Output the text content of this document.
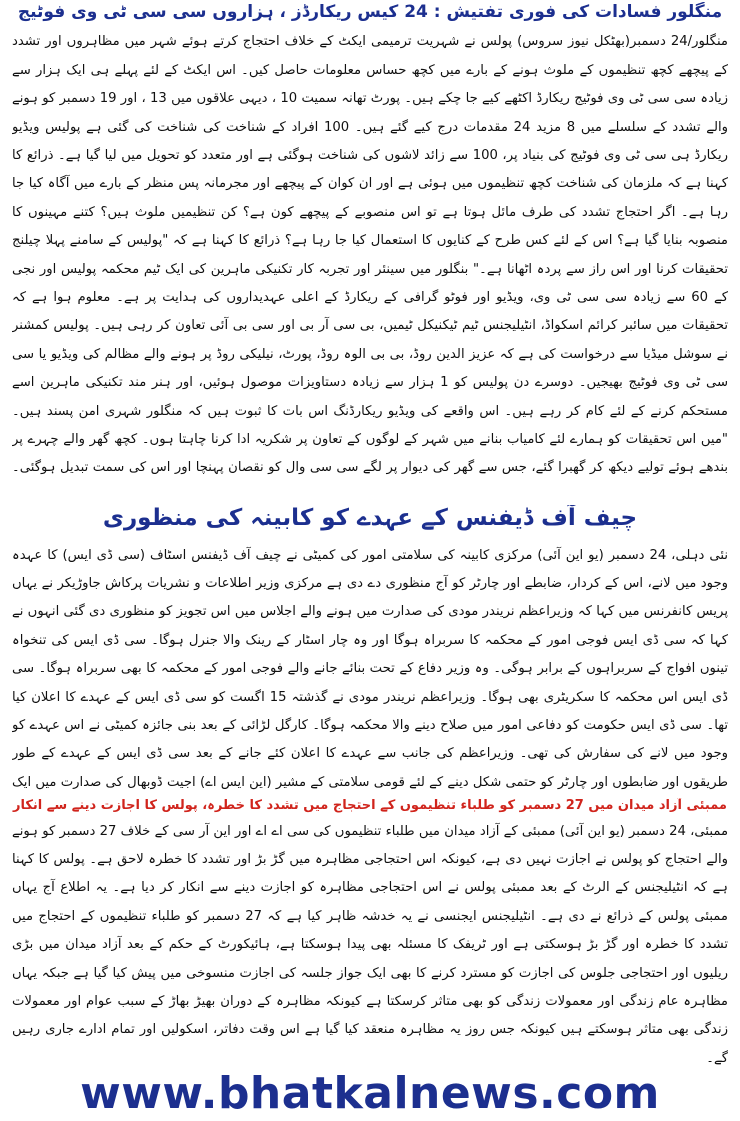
منگلور فسادات کی فوری تفتیش : 24 کیس ریکارڈز ، ہزاروں سی سی ٹی وی فوٹیج

منگلور/24 دسمبر(بھٹکل نیوز سروس) پولس نے شہریت ترمیمی ایکٹ کے خلاف احتجاج کرتے ہوئے شہر میں مظاہروں اور تشدد کے پیچھے کچھ تنظیموں کے ملوث ہونے کے بارے میں کچھ حساس معلومات حاصل کیں۔ اس ایکٹ کے لئے پہلے ہی ایک ہزار سے زیادہ سی سی ٹی وی فوٹیج ریکارڈ اکٹھے کیے جا چکے ہیں۔ پورٹ تھانہ سمیت 10 ، دیہی علاقوں میں 13 ، اور 19 دسمبر کو ہونے والے تشدد کے سلسلے میں 8 مزید 24 مقدمات درج کیے گئے ہیں۔ 100 افراد کے شناخت کی شناخت کی گئی ہے پولیس ویڈیو ریکارڈ ہی سی ٹی وی فوٹیج کی بنیاد پر، 100 سے زائد لاشوں کی شناخت ہوگئی ہے اور متعدد کو تحویل میں لیا گیا ہے۔ ذرائع کا کہنا ہے کہ ملزمان کی شناخت کچھ تنظیموں میں ہوئی ہے اور ان کوان کے پیچھے اور مجرمانہ پس منظر کے بارے میں آگاہ کیا جا رہا ہے۔ اگر احتجاج تشدد کی طرف مائل ہوتا ہے تو اس منصوبے کے پیچھے کون ہے؟ کن تنظیمیں ملوث ہیں؟ کتنے مہینوں کا منصوبہ بنایا گیا ہے؟ اس کے لئے کس طرح کے کنایوں کا استعمال کیا جا رہا ہے؟ ذرائع کا کہنا ہے کہ "پولیس کے سامنے پہلا چیلنج تحقیقات کرنا اور اس راز سے پردہ اٹھانا ہے۔" بنگلور میں سینئر اور تجربہ کار تکنیکی ماہرین کی ایک ٹیم محکمہ پولیس اور نجی کے 60 سے زیادہ سی سی ٹی وی، ویڈیو اور فوٹو گرافی کے ریکارڈ کے اعلی عہدیداروں کی ہدایت پر ہے۔ معلوم ہوا ہے کہ تحقیقات میں سائبر کرائم اسکواڈ، انٹیلیجنس ٹیم ٹیکنیکل ٹیمیں، بی سی آر بی اور سی بی آئی تعاون کر رہی ہیں۔ پولیس کمشنر نے سوشل میڈیا سے درخواست کی ہے کہ عزیز الدین روڈ، بی بی الوہ روڈ، پورٹ، نیلیکی روڈ پر ہونے والے مظالم کی ویڈیو یا سی سی ٹی وی فوٹیج بھیجیں۔ دوسرے دن پولیس کو 1 ہزار سے زیادہ دستاویزات موصول ہوئیں، اور ہنر مند تکنیکی ماہرین اسے مستحکم کرنے کے لئے کام کر رہے ہیں۔ اس واقعے کی ویڈیو ریکارڈنگ اس بات کا ثبوت ہیں کہ منگلور شہری امن پسند ہیں۔ "میں اس تحقیقات کو ہمارے لئے کامیاب بنانے میں شہر کے لوگوں کے تعاون پر شکریہ ادا کرنا چاہتا ہوں۔ کچھ گھر والے چہرے پر بندھے ہوئے تولیے دیکھ کر گھبرا گئے، جس سے گھر کی دیوار پر لگے سی سی وال کو نقصان پہنچا اور اس کی سمت تبدیل ہوگئی۔

چیف آف ڈیفنس کے عہدے کو کابینہ کی منظوری

نئی دہلی، 24 دسمبر (یو این آئی) مرکزی کابینہ کی سلامتی امور کی کمیٹی نے چیف آف ڈیفنس اسٹاف (سی ڈی ایس) کا عہدہ وجود میں لانے، اس کے کردار، ضابطے اور چارٹر کو آج منظوری دے دی ہے مرکزی وزیر اطلاعات و نشریات پرکاش جاوڑیکر نے یہاں پریس کانفرنس میں کہا کہ وزیراعظم نریندر مودی کی صدارت میں ہونے والے اجلاس میں اس تجویز کو منظوری دی گئی انہوں نے کہا کہ سی ڈی ایس فوجی امور کے محکمہ کا سربراہ ہوگا اور وہ چار اسٹار کے رینک والا جنرل ہوگا۔ سی ڈی ایس کی تنخواہ تینوں افواج کے سربراہوں کے برابر ہوگی۔ وہ وزیر دفاع کے تحت بنائے جانے والے فوجی امور کے محکمہ کا بھی سربراہ ہوگا۔ سی ڈی ایس اس محکمہ کا سکریٹری بھی ہوگا۔ وزیراعظم نریندر مودی نے گذشتہ 15 اگست کو سی ڈی ایس کے عہدے کا اعلان کیا تھا۔ سی ڈی ایس حکومت کو دفاعی امور میں صلاح دینے والا محکمہ ہوگا۔ کارگل لڑائی کے بعد بنی جائزہ کمیٹی نے اس عہدے کو وجود میں لانے کی سفارش کی تھی۔ وزیراعظم کی جانب سے عہدے کا اعلان کئے جانے کے بعد سی ڈی ایس کے عہدے کے طور طریقوں اور ضابطوں اور چارٹر کو حتمی شکل دینے کے لئے قومی سلامتی کے مشیر (این ایس اے) اجیت ڈوبھال کی صدارت میں ایک

ممبئی آزاد میدان میں 27 دسمبر کو طلباء تنظیموں کے احتجاج میں تشدد کا خطرہ، پولس کا اجازت دینے سے انکار

ممبئی، 24 دسمبر (یو این آئی) ممبئی کے آزاد میدان میں طلباء تنظیموں کی سی اے اے اور این آر سی کے خلاف 27 دسمبر کو ہونے والے احتجاج کو پولس نے اجازت نہیں دی ہے، کیونکہ اس احتجاجی مظاہرہ میں گڑ بڑ اور تشدد کا خطرہ لاحق ہے۔ پولس کا کہنا ہے کہ انٹیلیجنس کے الرٹ کے بعد ممبئی پولس نے اس احتجاجی مظاہرہ کو اجازت دینے سے انکار کر دیا ہے۔ یہ اطلاع آج یہاں ممبئی پولس کے ذرائع نے دی ہے۔ انٹیلیجنس ایجنسی نے یہ خدشہ ظاہر کیا ہے کہ 27 دسمبر کو طلباء تنظیموں کے احتجاج میں تشدد کا خطرہ اور گڑ بڑ ہوسکتی ہے اور ٹریفک کا مسئلہ بھی پیدا ہوسکتا ہے، ہائیکورٹ کے حکم کے بعد آزاد میدان میں بڑی ریلیوں اور احتجاجی جلوس کی اجازت کو مسترد کرنے کا بھی ایک جواز جلسہ کی اجازت منسوخی میں پیش کیا گیا ہے جبکہ یہاں مظاہرہ عام زندگی اور معمولات زندگی کو بھی متاثر کرسکتا ہے کیونکہ مظاہرہ کے دوران بھیڑ بھاڑ کے سبب عوام اور معمولات زندگی بھی متاثر ہوسکتے ہیں کیونکہ جس روز یہ مظاہرہ منعقد کیا گیا ہے اس وقت دفاتر، اسکولیں اور تمام ادارے جاری رہیں گے۔

www.bhatkalnews.com
